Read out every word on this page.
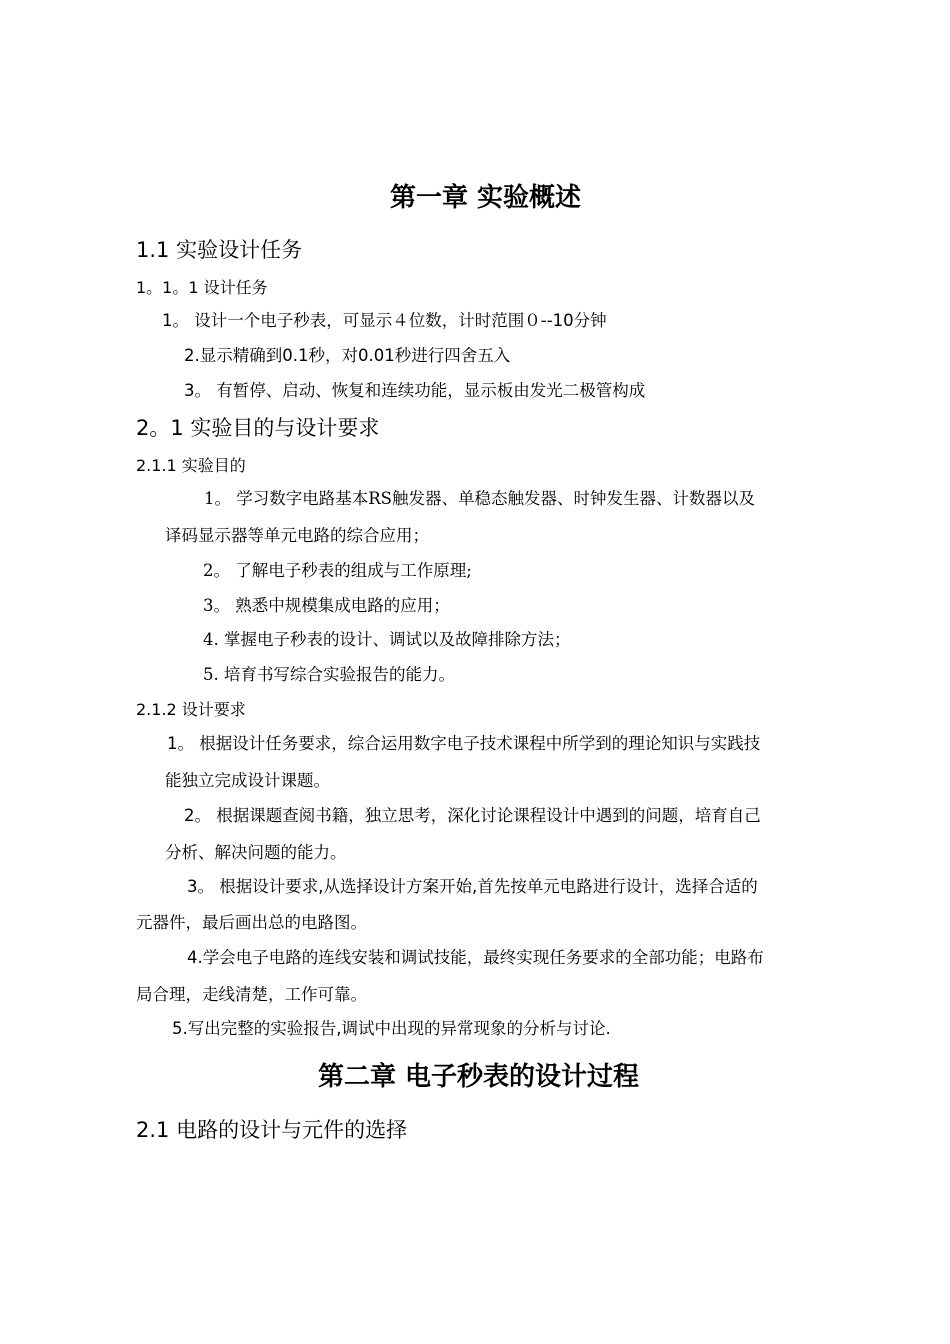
第一章 实验概述
1.1 实验设计任务
1。1。1 设计任务
1。 设计一个电子秒表，可显示４位数，计时范围０--10分钟
2.显示精确到0.1秒，对0.01秒进行四舍五入
3。 有暂停、启动、恢复和连续功能，显示板由发光二极管构成
2。1 实验目的与设计要求
2.1.1 实验目的
1。 学习数字电路基本RS触发器、单稳态触发器、时钟发生器、计数器以及
译码显示器等单元电路的综合应用；
2。 了解电子秒表的组成与工作原理;
3。 熟悉中规模集成电路的应用；
4. 掌握电子秒表的设计、调试以及故障排除方法；
5. 培育书写综合实验报告的能力。
2.1.2 设计要求
1。 根据设计任务要求，综合运用数字电子技术课程中所学到的理论知识与实践技
能独立完成设计课题。
2。 根据课题查阅书籍，独立思考，深化讨论课程设计中遇到的问题，培育自己
分析、解决问题的能力。
3。 根据设计要求,从选择设计方案开始,首先按单元电路进行设计，选择合适的
元器件，最后画出总的电路图。
4.学会电子电路的连线安装和调试技能，最终实现任务要求的全部功能；电路布
局合理，走线清楚，工作可靠。
5.写出完整的实验报告,调试中出现的异常现象的分析与讨论.
第二章 电子秒表的设计过程
2.1 电路的设计与元件的选择
